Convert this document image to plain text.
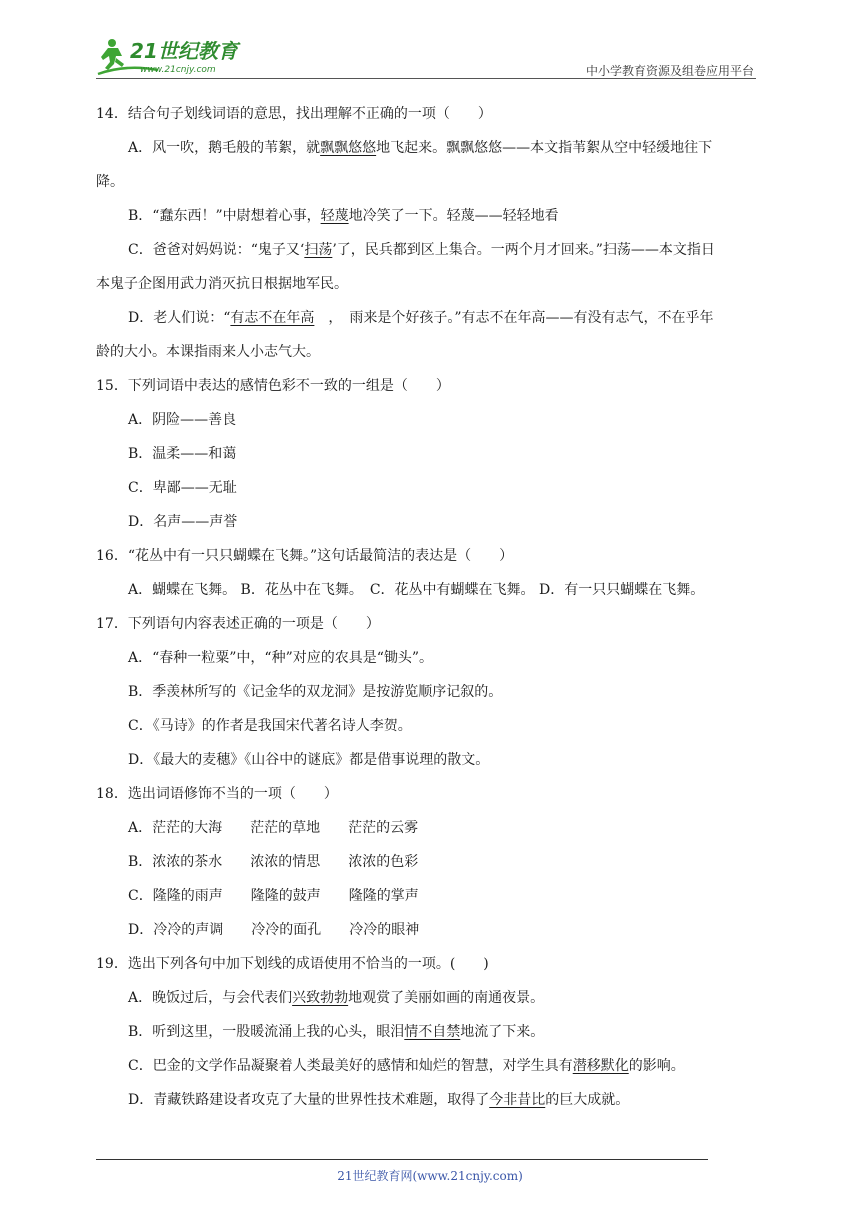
21世纪教育
www.21cnjy.com	中小学教育资源及组卷应用平台
14．结合句子划线词语的意思，找出理解不正确的一项（　　）
A．风一吹，鹅毛般的苇絮，就飘飘悠悠地飞起来。飘飘悠悠——本文指苇絮从空中轻缓地往下
降。
B．“蠢东西！”中尉想着心事，轻蔑地冷笑了一下。轻蔑——轻轻地看
C．爸爸对妈妈说：“鬼子又‘扫荡’了，民兵都到区上集合。一两个月才回来。”扫荡——本文指日
本鬼子企图用武力消灭抗日根据地军民。
D．老人们说：“有志不在年高　，　雨来是个好孩子。”有志不在年高——有没有志气，不在乎年
龄的大小。本课指雨来人小志气大。
15．下列词语中表达的感情色彩不一致的一组是（　　）
A．阴险——善良
B．温柔——和蔼
C．卑鄙——无耻
D．名声——声誉
16．“花丛中有一只只蝴蝶在飞舞。”这句话最简洁的表达是（　　）
A．蝴蝶在飞舞。 B．花丛中在飞舞。　C．花丛中有蝴蝶在飞舞。 D．有一只只蝴蝶在飞舞。
17．下列语句内容表述正确的一项是（　　）
A．“春种一粒粟”中，“种”对应的农具是“锄头”。
B．季羡林所写的《记金华的双龙洞》是按游览顺序记叙的。
C．《马诗》的作者是我国宋代著名诗人李贺。
D．《最大的麦穗》《山谷中的谜底》都是借事说理的散文。
18．选出词语修饰不当的一项（　　）
A．茫茫的大海　　茫茫的草地　　茫茫的云雾
B．浓浓的茶水　　浓浓的情思　　浓浓的色彩
C．隆隆的雨声　　隆隆的鼓声　　隆隆的掌声
D．冷冷的声调　　冷冷的面孔　　冷冷的眼神
19．选出下列各句中加下划线的成语使用不恰当的一项。(　　)
A．晚饭过后，与会代表们兴致勃勃地观赏了美丽如画的南通夜景。
B．听到这里，一股暖流涌上我的心头，眼泪情不自禁地流了下来。
C．巴金的文学作品凝聚着人类最美好的感情和灿烂的智慧，对学生具有潜移默化的影响。
D．青藏铁路建设者攻克了大量的世界性技术难题，取得了今非昔比的巨大成就。
21世纪教育网(www.21cnjy.com)
